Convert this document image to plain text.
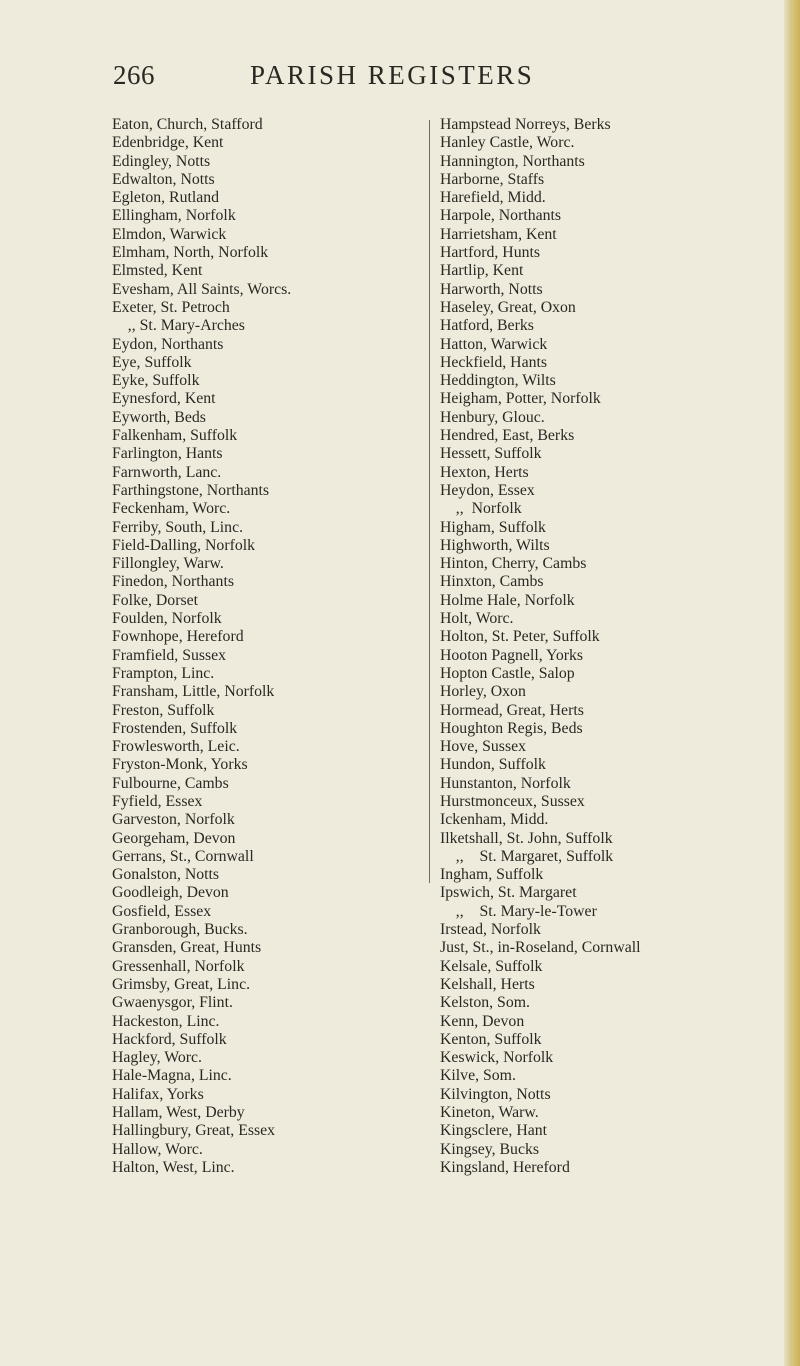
266	PARISH REGISTERS
Eaton, Church, Stafford
Edenbridge, Kent
Edingley, Notts
Edwalton, Notts
Egleton, Rutland
Ellingham, Norfolk
Elmdon, Warwick
Elmham, North, Norfolk
Elmsted, Kent
Evesham, All Saints, Worcs.
Exeter, St. Petroch
,, St. Mary-Arches
Eydon, Northants
Eye, Suffolk
Eyke, Suffolk
Eynesford, Kent
Eyworth, Beds
Falkenham, Suffolk
Farlington, Hants
Farnworth, Lanc.
Farthingstone, Northants
Feckenham, Worc.
Ferriby, South, Linc.
Field-Dalling, Norfolk
Fillongley, Warw.
Finedon, Northants
Folke, Dorset
Foulden, Norfolk
Fownhope, Hereford
Framfield, Sussex
Frampton, Linc.
Fransham, Little, Norfolk
Freston, Suffolk
Frostenden, Suffolk
Frowlesworth, Leic.
Fryston-Monk, Yorks
Fulbourne, Cambs
Fyfield, Essex
Garveston, Norfolk
Georgeham, Devon
Gerrans, St., Cornwall
Gonalston, Notts
Goodleigh, Devon
Gosfield, Essex
Granborough, Bucks.
Gransden, Great, Hunts
Gressenhall, Norfolk
Grimsby, Great, Linc.
Gwaenysgor, Flint.
Hackeston, Linc.
Hackford, Suffolk
Hagley, Worc.
Hale-Magna, Linc.
Halifax, Yorks
Hallam, West, Derby
Hallingbury, Great, Essex
Hallow, Worc.
Halton, West, Linc.
Hampstead Norreys, Berks
Hanley Castle, Worc.
Hannington, Northants
Harborne, Staffs
Harefield, Midd.
Harpole, Northants
Harrietsham, Kent
Hartford, Hunts
Hartlip, Kent
Harworth, Notts
Haseley, Great, Oxon
Hatford, Berks
Hatton, Warwick
Heckfield, Hants
Heddington, Wilts
Heigham, Potter, Norfolk
Henbury, Glouc.
Hendred, East, Berks
Hessett, Suffolk
Hexton, Herts
Heydon, Essex
,,  Norfolk
Higham, Suffolk
Highworth, Wilts
Hinton, Cherry, Cambs
Hinxton, Cambs
Holme Hale, Norfolk
Holt, Worc.
Holton, St. Peter, Suffolk
Hooton Pagnell, Yorks
Hopton Castle, Salop
Horley, Oxon
Hormead, Great, Herts
Houghton Regis, Beds
Hove, Sussex
Hundon, Suffolk
Hunstanton, Norfolk
Hurstmonceux, Sussex
Ickenham, Midd.
Ilketshall, St. John, Suffolk
,,    St. Margaret, Suffolk
Ingham, Suffolk
Ipswich, St. Margaret
,,    St. Mary-le-Tower
Irstead, Norfolk
Just, St., in-Roseland, Cornwall
Kelsale, Suffolk
Kelshall, Herts
Kelston, Som.
Kenn, Devon
Kenton, Suffolk
Keswick, Norfolk
Kilve, Som.
Kilvington, Notts
Kineton, Warw.
Kingsclere, Hant
Kingsey, Bucks
Kingsland, Hereford
